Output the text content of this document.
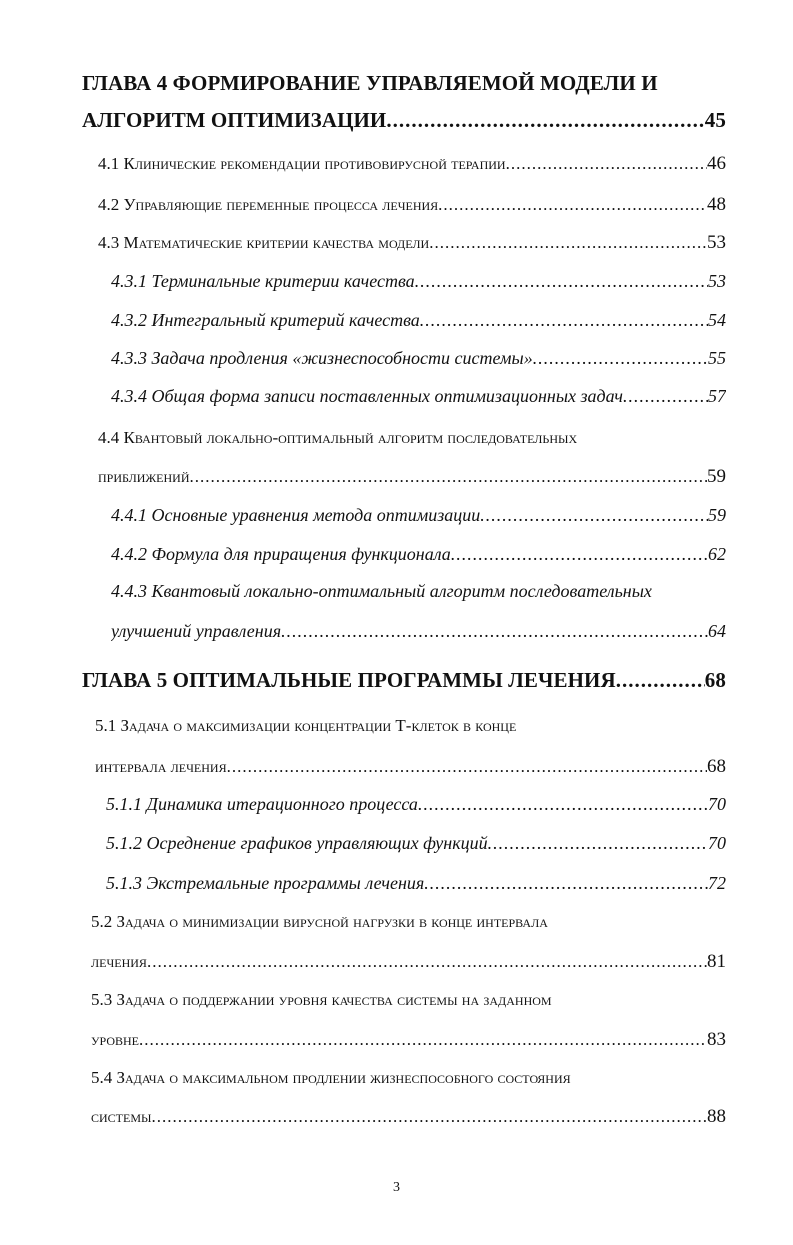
ГЛАВА 4 ФОРМИРОВАНИЕ УПРАВЛЯЕМОЙ МОДЕЛИ И
АЛГОРИТМ ОПТИМИЗАЦИИ .....	45
4.1 Клинические рекомендации противовирусной терапии .....	46
4.2 Управляющие переменные процесса лечения .....	48
4.3 Математические критерии качества модели .....	53
4.3.1 Терминальные критерии качества .....	53
4.3.2 Интегральный критерий качества .....	54
4.3.3 Задача продления «жизнеспособности системы» .....	55
4.3.4 Общая форма записи поставленных оптимизационных задач .....	57
4.4 Квантовый локально-оптимальный алгоритм последовательных
приближений .....	59
4.4.1 Основные уравнения метода оптимизации .....	59
4.4.2 Формула для приращения функционала .....	62
4.4.3 Квантовый локально-оптимальный алгоритм последовательных
улучшений управления .....	64
ГЛАВА 5 ОПТИМАЛЬНЫЕ ПРОГРАММЫ ЛЕЧЕНИЯ .....	68
5.1 Задача о максимизации концентрации Т-клеток в конце
интервала лечения .....	68
5.1.1 Динамика итерационного процесса .....	70
5.1.2 Осреднение графиков управляющих функций .....	70
5.1.3 Экстремальные программы лечения .....	72
5.2 Задача о минимизации вирусной нагрузки в конце интервала
лечения .....	81
5.3 Задача о поддержании уровня качества системы на заданном
уровне .....	83
5.4 Задача о максимальном продлении жизнеспособного состояния
системы .....	88
3
